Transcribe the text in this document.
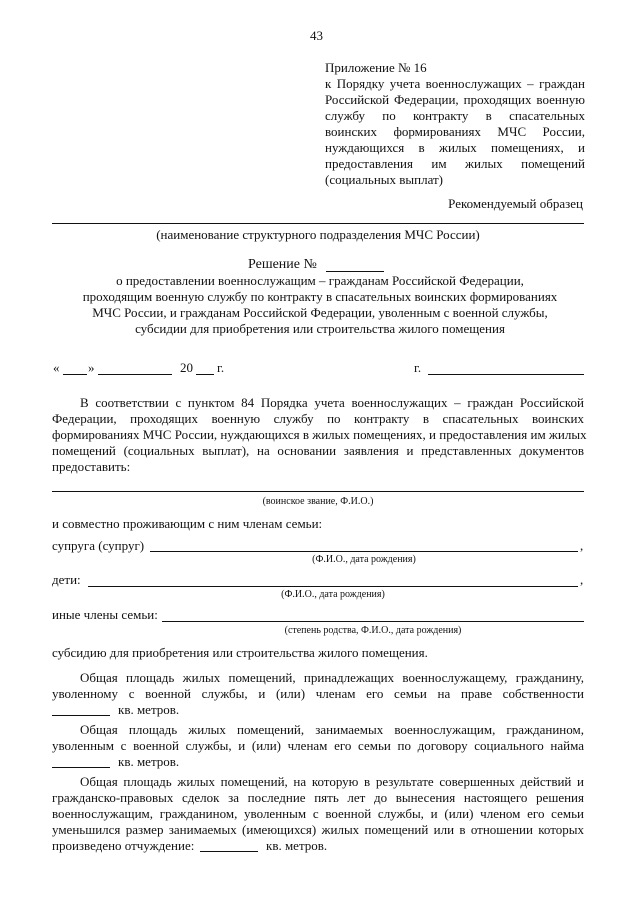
43
Приложение № 16
к Порядку учета военнослужащих – граждан
Российской Федерации, проходящих военную
службу по контракту в спасательных
воинских формированиях МЧС России,
нуждающихся в жилых помещениях, и
предоставления им жилых помещений
(социальных выплат)
Рекомендуемый образец
(наименование структурного подразделения МЧС России)
Решение №
о предоставлении военнослужащим – гражданам Российской Федерации,
проходящим военную службу по контракту в спасательных воинских формированиях
МЧС России, и гражданам Российской Федерации, уволенным с военной службы,
субсидии для приобретения или строительства жилого помещения
« »	20 г.	г.
В соответствии с пунктом 84 Порядка учета военнослужащих – граждан Российской
Федерации, проходящих военную службу по контракту в спасательных воинских
формированиях МЧС России, нуждающихся в жилых помещениях, и предоставления им жилых
помещений (социальных выплат), на основании заявления и представленных документов
предоставить:
(воинское звание, Ф.И.О.)
и совместно проживающим с ним членам семьи:
супруга (супруг)	,
(Ф.И.О., дата рождения)
дети:	,
(Ф.И.О., дата рождения)
иные члены семьи:
(степень родства, Ф.И.О., дата рождения)
субсидию для приобретения или строительства жилого помещения.
Общая площадь жилых помещений, принадлежащих военнослужащему, гражданину,
уволенному с военной службы, и (или) членам его семьи на праве собственности
кв. метров.
Общая площадь жилых помещений, занимаемых военнослужащим, гражданином,
уволенным с военной службы, и (или) членам его семьи по договору социального найма
кв. метров.
Общая площадь жилых помещений, на которую в результате совершенных действий и
гражданско-правовых сделок за последние пять лет до вынесения настоящего решения
военнослужащим, гражданином, уволенным с военной службы, и (или) членом его семьи
уменьшился размер занимаемых (имеющихся) жилых помещений или в отношении которых
произведено отчуждение:	кв. метров.
